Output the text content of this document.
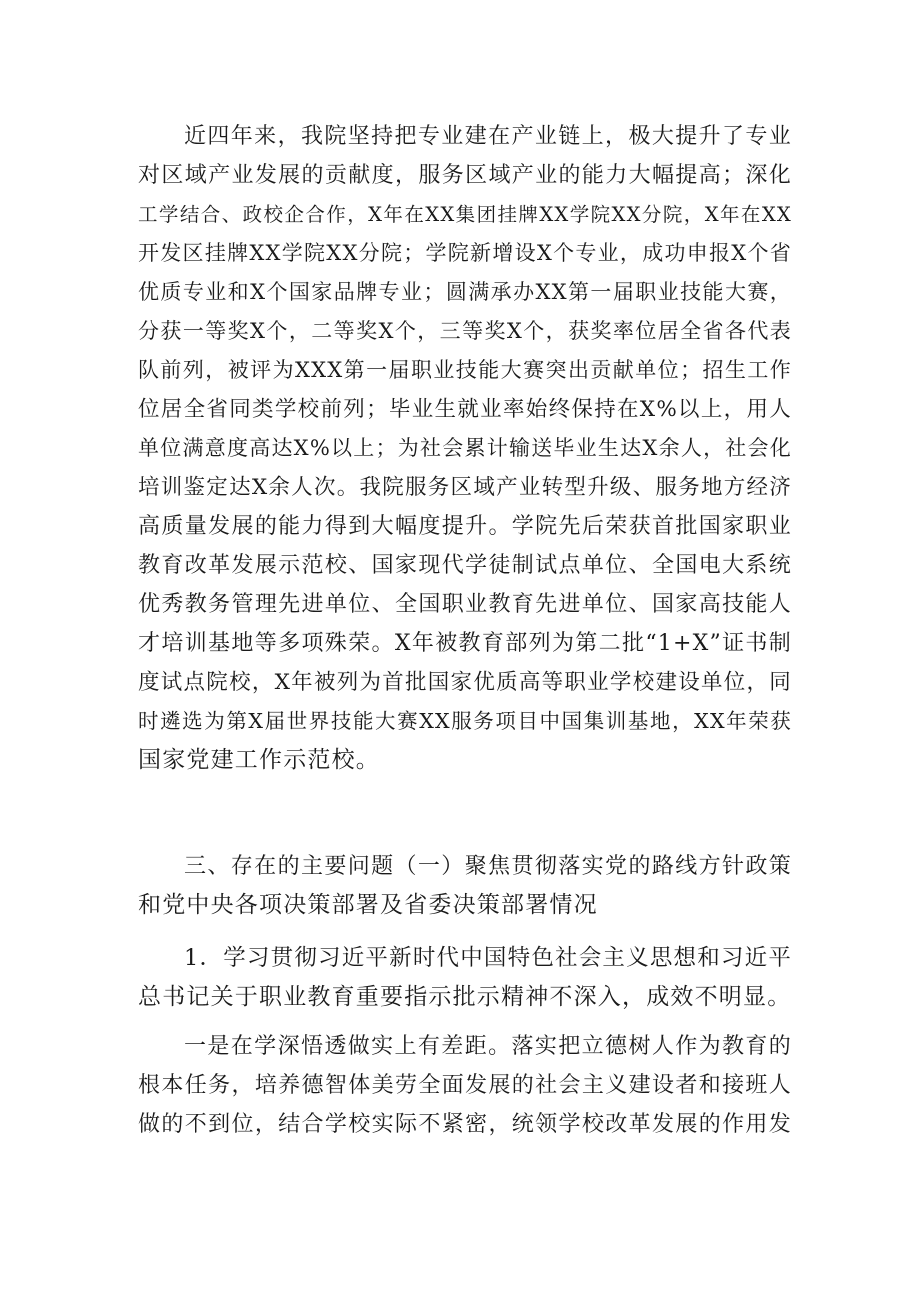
近四年来，我院坚持把专业建在产业链上，极大提升了专业
对区域产业发展的贡献度，服务区域产业的能力大幅提高；深化
工学结合、政校企合作，X年在XX集团挂牌XX学院XX分院，X年在XX
开发区挂牌XX学院XX分院；学院新增设X个专业，成功申报X个省
优质专业和X个国家品牌专业；圆满承办XX第一届职业技能大赛，
分获一等奖X个，二等奖X个，三等奖X个，获奖率位居全省各代表
队前列，被评为XXX第一届职业技能大赛突出贡献单位；招生工作
位居全省同类学校前列；毕业生就业率始终保持在X%以上，用人
单位满意度高达X%以上；为社会累计输送毕业生达X余人，社会化
培训鉴定达X余人次。我院服务区域产业转型升级、服务地方经济
高质量发展的能力得到大幅度提升。学院先后荣获首批国家职业
教育改革发展示范校、国家现代学徒制试点单位、全国电大系统
优秀教务管理先进单位、全国职业教育先进单位、国家高技能人
才培训基地等多项殊荣。X年被教育部列为第二批“1+X”证书制
度试点院校，X年被列为首批国家优质高等职业学校建设单位，同
时遴选为第X届世界技能大赛XX服务项目中国集训基地，XX年荣获
国家党建工作示范校。
三、存在的主要问题（一）聚焦贯彻落实党的路线方针政策
和党中央各项决策部署及省委决策部署情况
1．学习贯彻习近平新时代中国特色社会主义思想和习近平
总书记关于职业教育重要指示批示精神不深入，成效不明显。
一是在学深悟透做实上有差距。落实把立德树人作为教育的
根本任务，培养德智体美劳全面发展的社会主义建设者和接班人
做的不到位，结合学校实际不紧密，统领学校改革发展的作用发
